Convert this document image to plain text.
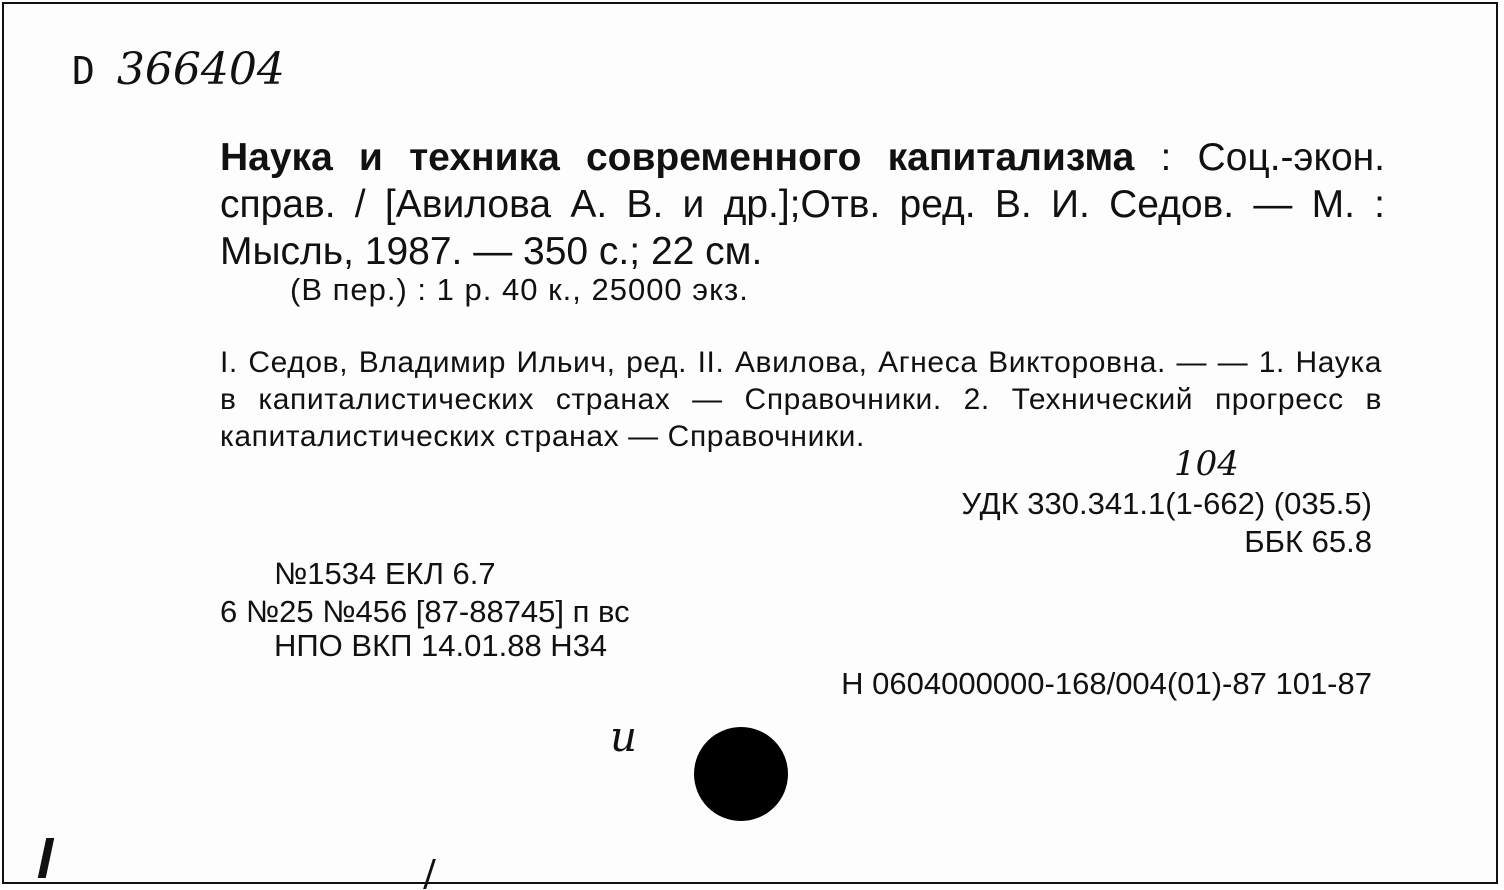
D 366404
Наука и техника современного капитализма : Соц.-экон. справ. / [Авилова А. В. и др.];Отв. ред. В. И. Седов. — М. : Мысль, 1987. — 350 с.; 22 см.
(В пер.) : 1 р. 40 к., 25000 экз.
I. Седов, Владимир Ильич, ред. II. Авилова, Агнеса Викторовна. — — 1. Наука в капиталистических странах — Справочники. 2. Технический прогресс в капиталистических странах — Справочники.
104
УДК 330.341.1(1-662) (035.5)
ББК 65.8
№1534 ЕКЛ 6.7
6 №25 №456 [87-88745] п вс
НПО ВКП 14.01.88 Н34
Н 0604000000-168/004(01)-87 101-87
u
